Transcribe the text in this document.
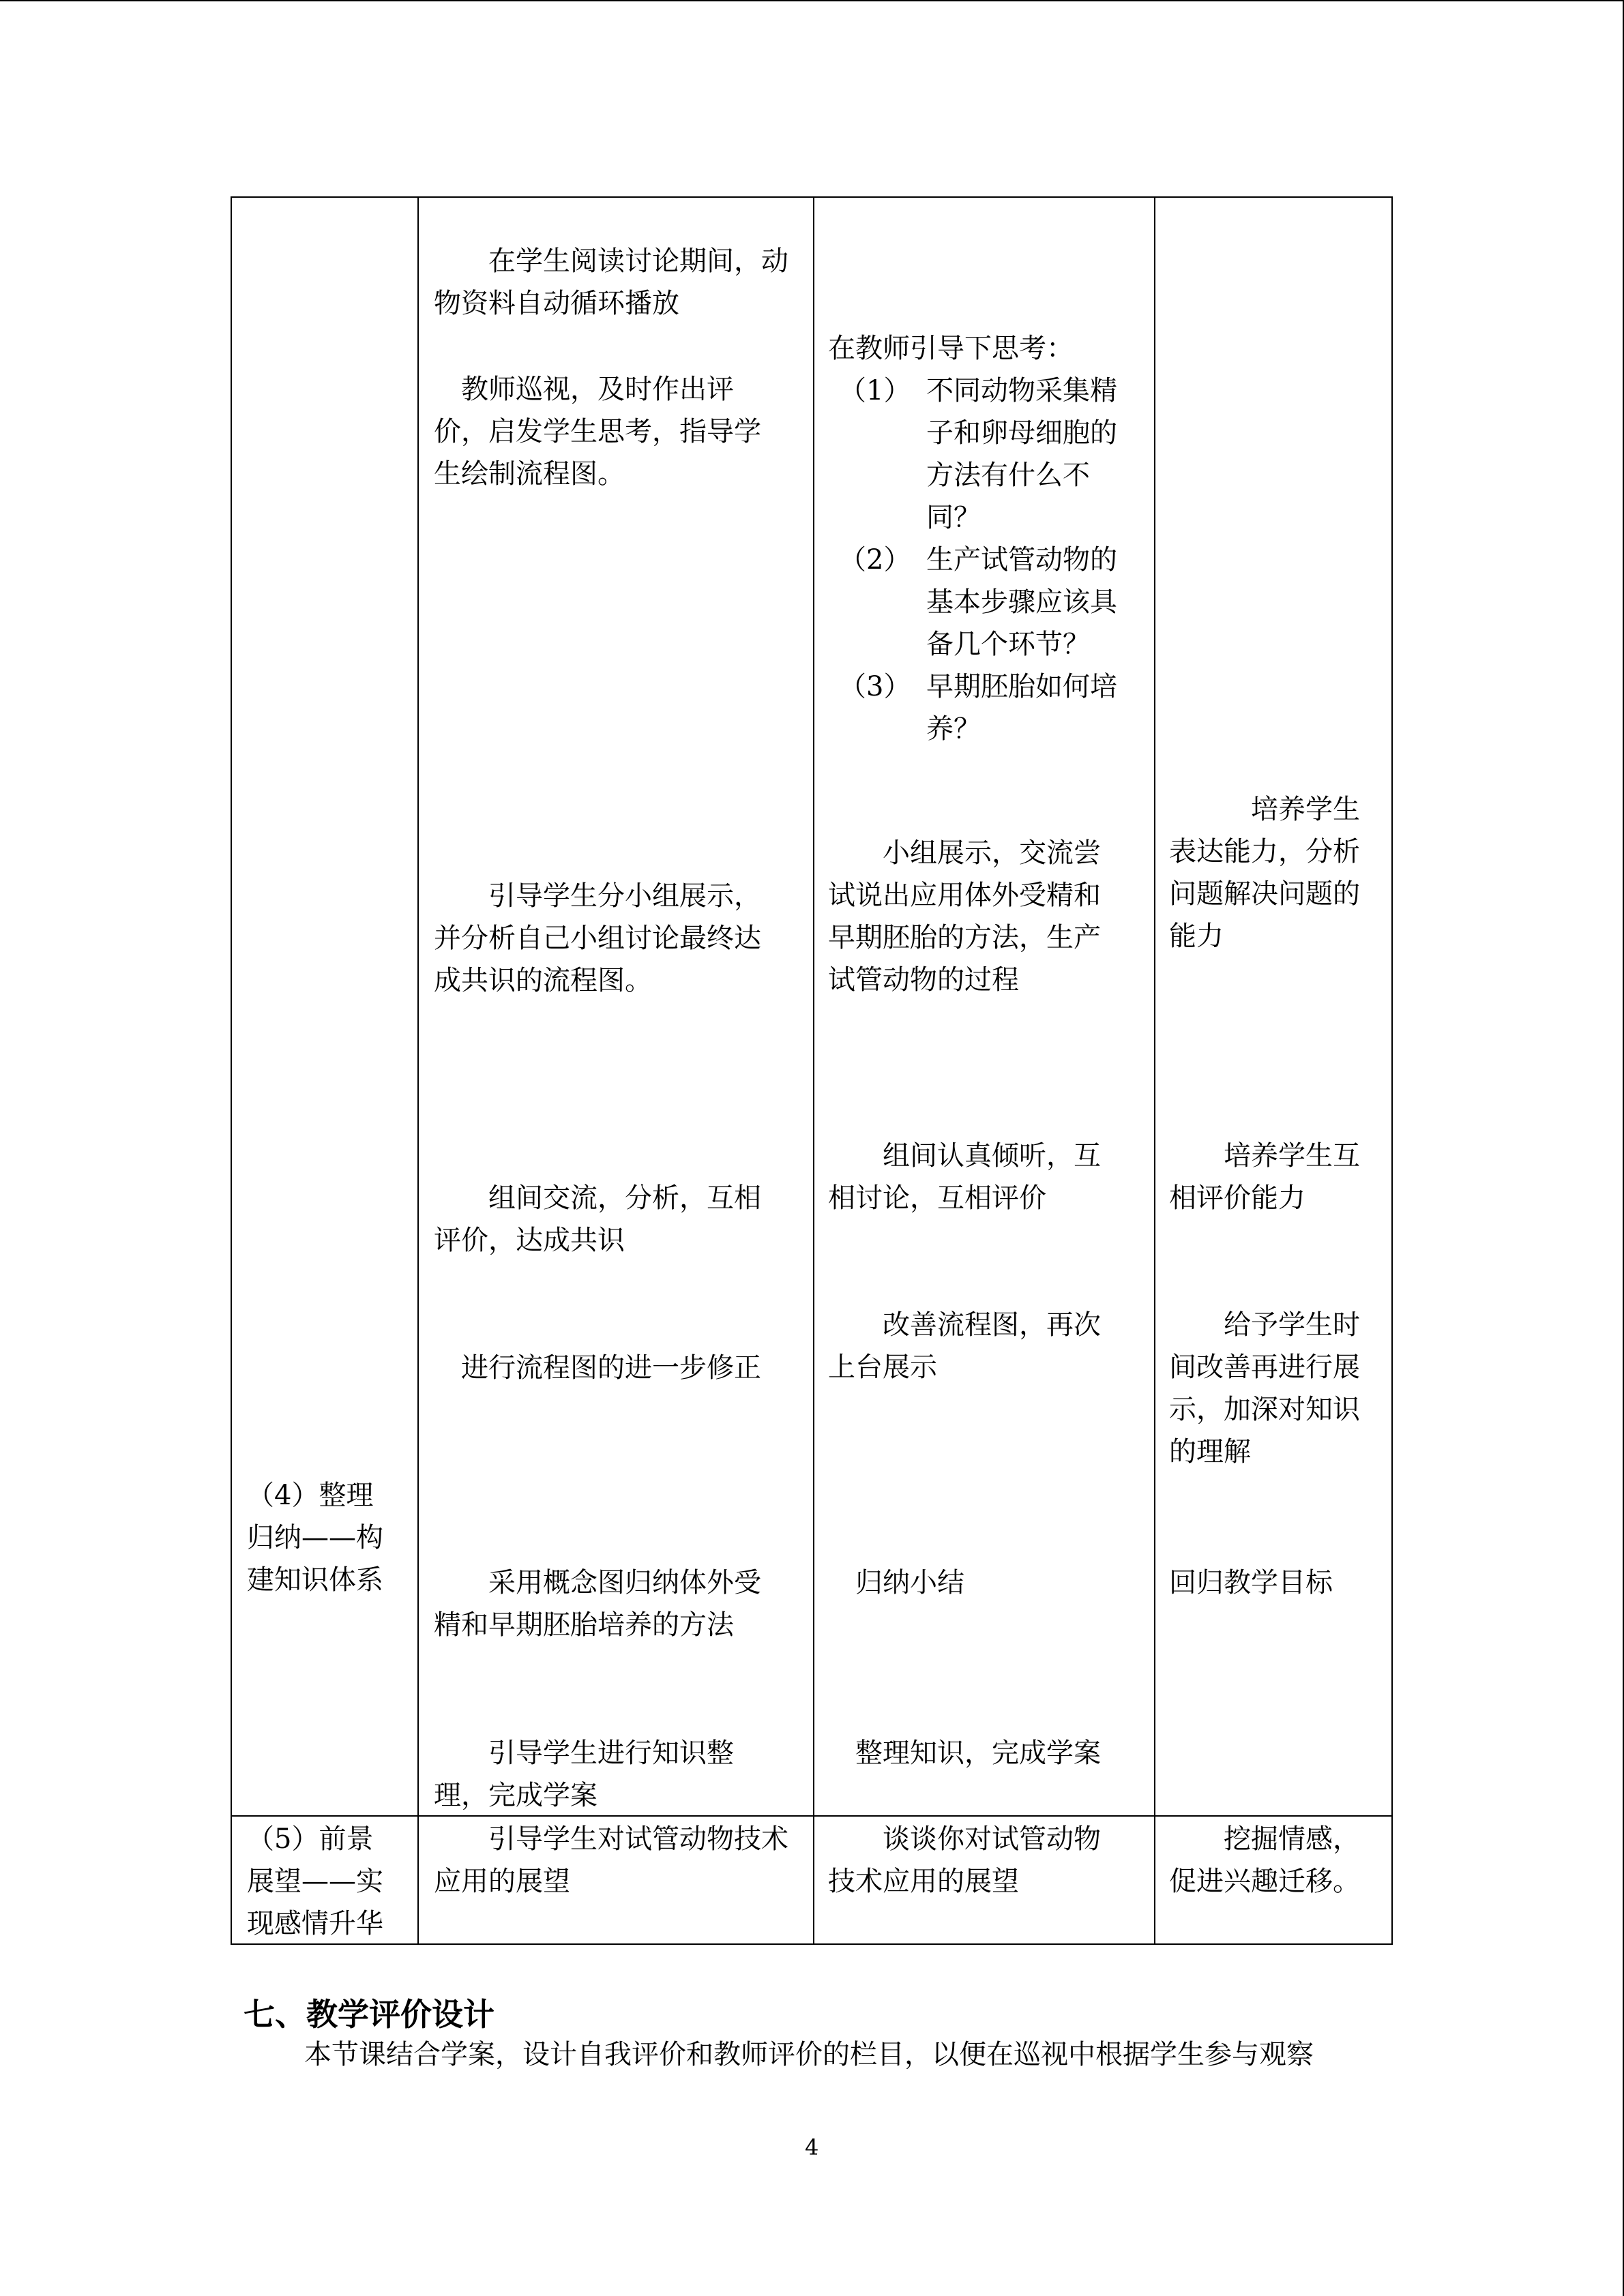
（4）整理
归纳——构
建知识体系
（5）前景
展望——实
现感情升华
　　在学生阅读讨论期间，动
物资料自动循环播放
　教师巡视，及时作出评
价，启发学生思考，指导学
生绘制流程图。
　　引导学生分小组展示，
并分析自己小组讨论最终达
成共识的流程图。
　　组间交流，分析，互相
评价，达成共识
　进行流程图的进一步修正
　　采用概念图归纳体外受
精和早期胚胎培养的方法
　　引导学生进行知识整
理，完成学案
　　引导学生对试管动物技术
应用的展望
在教师引导下思考：
（1） 不同动物采集精
子和卵母细胞的
方法有什么不
同？
（2） 生产试管动物的
基本步骤应该具
备几个环节？
（3） 早期胚胎如何培
养？
　　小组展示，交流尝
试说出应用体外受精和
早期胚胎的方法，生产
试管动物的过程
　　组间认真倾听，互
相讨论，互相评价
　　改善流程图，再次
上台展示
　归纳小结
　整理知识，完成学案
　　谈谈你对试管动物
技术应用的展望
　　　培养学生
表达能力，分析
问题解决问题的
能力
　　培养学生互
相评价能力
　　给予学生时
间改善再进行展
示，加深对知识
的理解
回归教学目标
　　挖掘情感，
促进兴趣迁移。
七、教学评价设计
本节课结合学案，设计自我评价和教师评价的栏目，以便在巡视中根据学生参与观察
4
